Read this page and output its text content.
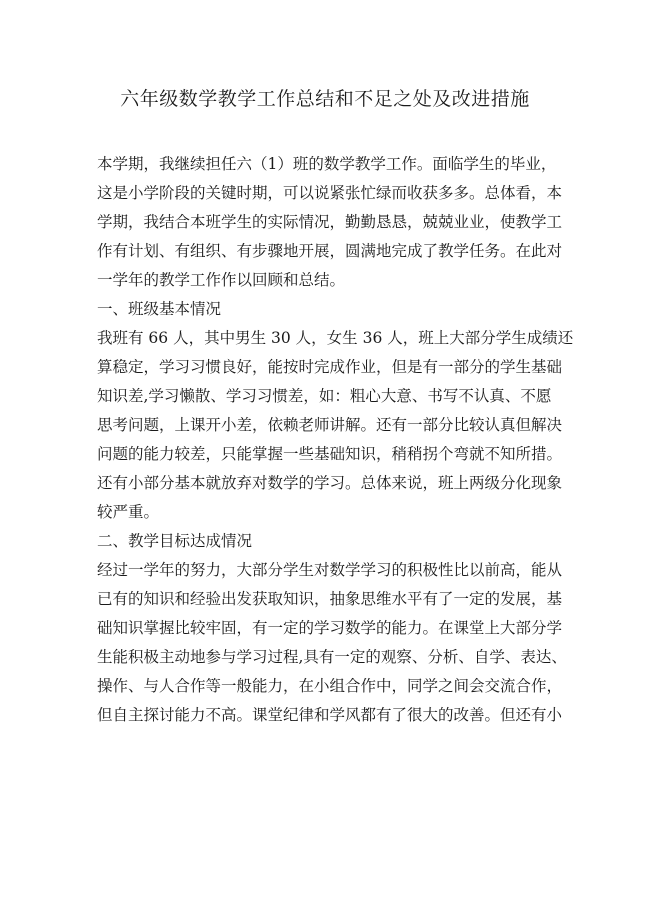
六年级数学教学工作总结和不足之处及改进措施
本学期，我继续担任六（1）班的数学教学工作。面临学生的毕业，
这是小学阶段的关键时期，可以说紧张忙绿而收获多多。总体看，本
学期，我结合本班学生的实际情况，勤勤恳恳，兢兢业业，使教学工
作有计划、有组织、有步骤地开展，圆满地完成了教学任务。在此对
一学年的教学工作作以回顾和总结。
一、班级基本情况
我班有 66 人，其中男生 30 人，女生 36 人，班上大部分学生成绩还
算稳定，学习习惯良好，能按时完成作业，但是有一部分的学生基础
知识差,学习懒散、学习习惯差，如：粗心大意、书写不认真、不愿
思考问题，上课开小差，依赖老师讲解。还有一部分比较认真但解决
问题的能力较差，只能掌握一些基础知识，稍稍拐个弯就不知所措。
还有小部分基本就放弃对数学的学习。总体来说，班上两级分化现象
较严重。
二、教学目标达成情况
经过一学年的努力，大部分学生对数学学习的积极性比以前高，能从
已有的知识和经验出发获取知识，抽象思维水平有了一定的发展，基
础知识掌握比较牢固，有一定的学习数学的能力。在课堂上大部分学
生能积极主动地参与学习过程,具有一定的观察、分析、自学、表达、
操作、与人合作等一般能力，在小组合作中，同学之间会交流合作，
但自主探讨能力不高。课堂纪律和学风都有了很大的改善。但还有小
